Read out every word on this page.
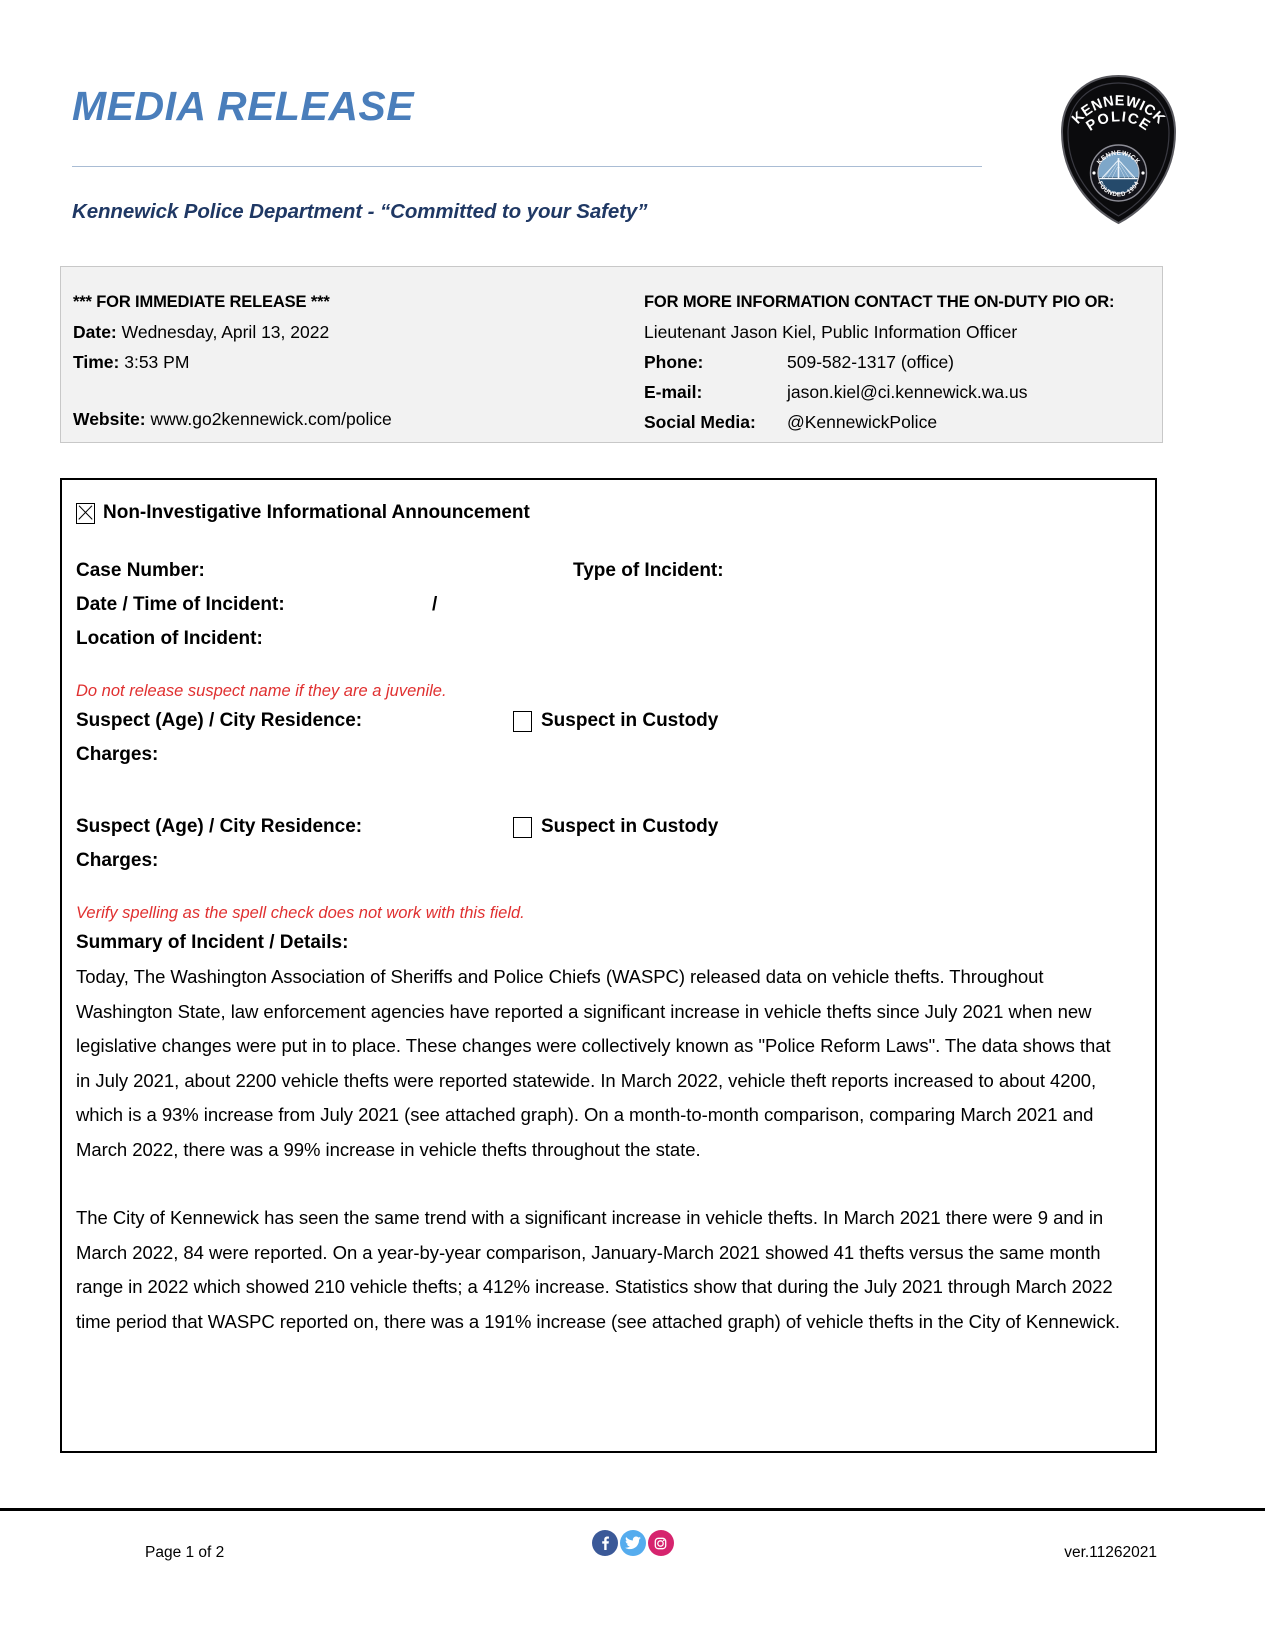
MEDIA RELEASE
Kennewick Police Department - “Committed to your Safety”
KENNEWICK
POLICE
KENNEWICK
FOUNDED 1904
*** FOR IMMEDIATE RELEASE ***
Date: Wednesday, April 13, 2022
Time: 3:53 PM
Website: www.go2kennewick.com/police
FOR MORE INFORMATION CONTACT THE ON-DUTY PIO OR:
Lieutenant Jason Kiel, Public Information Officer
Phone:	509-582-1317 (office)
E-mail:	jason.kiel@ci.kennewick.wa.us
Social Media:	@KennewickPolice
Non-Investigative Informational Announcement
Case Number:	Type of Incident:
Date / Time of Incident:	/
Location of Incident:
Do not release suspect name if they are a juvenile.
Suspect (Age) / City Residence:	Suspect in Custody
Charges:
Suspect (Age) / City Residence:	Suspect in Custody
Charges:
Verify spelling as the spell check does not work with this field.
Summary of Incident / Details:

Today, The Washington Association of Sheriffs and Police Chiefs (WASPC) released data on vehicle thefts. Throughout Washington State, law enforcement agencies have reported a significant increase in vehicle thefts since July 2021 when new legislative changes were put in to place. These changes were collectively known as "Police Reform Laws". The data shows that in July 2021, about 2200 vehicle thefts were reported statewide. In March 2022, vehicle theft reports increased to about 4200, which is a 93% increase from July 2021 (see attached graph). On a month-to-month comparison, comparing March 2021 and March 2022, there was a 99% increase in vehicle thefts throughout the state.

The City of Kennewick has seen the same trend with a significant increase in vehicle thefts. In March 2021 there were 9 and in March 2022, 84 were reported. On a year-by-year comparison, January-March 2021 showed 41 thefts versus the same month range in 2022 which showed 210 vehicle thefts; a 412% increase. Statistics show that during the July 2021 through March 2022 time period that WASPC reported on, there was a 191% increase (see attached graph) of vehicle thefts in the City of Kennewick.

Page 1 of 2	ver.11262021
